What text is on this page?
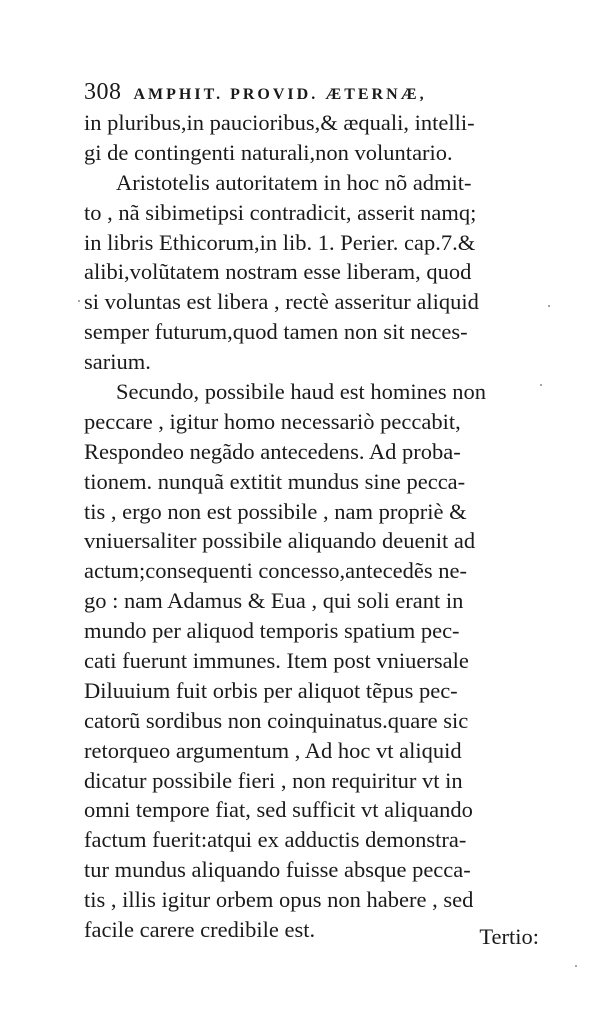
308 AMPHIT. PROVID. ÆTERNÆ,
in pluribus,in paucioribus,& æquali, intelli-
gi de contingenti naturali,non voluntario.
Aristotelis autoritatem in hoc nõ admit-
to , nã sibimetipsi contradicit, asserit namq;
in libris Ethicorum,in lib. 1. Perier. cap.7.&
alibi,volũtatem nostram esse liberam, quod
si voluntas est libera , rectè asseritur aliquid
semper futurum,quod tamen non sit neces-
sarium.
Secundo, possibile haud est homines non
peccare , igitur homo necessariò peccabit,
Respondeo negãdo antecedens. Ad proba-
tionem. nunquã extitit mundus sine pecca-
tis , ergo non est possibile , nam propriè &
vniuersaliter possibile aliquando deuenit ad
actum;consequenti concesso,antecedẽs ne-
go : nam Adamus & Eua , qui soli erant in
mundo per aliquod temporis spatium pec-
cati fuerunt immunes. Item post vniuersale
Diluuium fuit orbis per aliquot tẽpus pec-
catorũ sordibus non coinquinatus.quare sic
retorqueo argumentum , Ad hoc vt aliquid
dicatur possibile fieri , non requiritur vt in
omni tempore fiat, sed sufficit vt aliquando
factum fuerit:atqui ex adductis demonstra-
tur mundus aliquando fuisse absque pecca-
tis , illis igitur orbem opus non habere , sed
facile carere credibile est.	Tertio:
